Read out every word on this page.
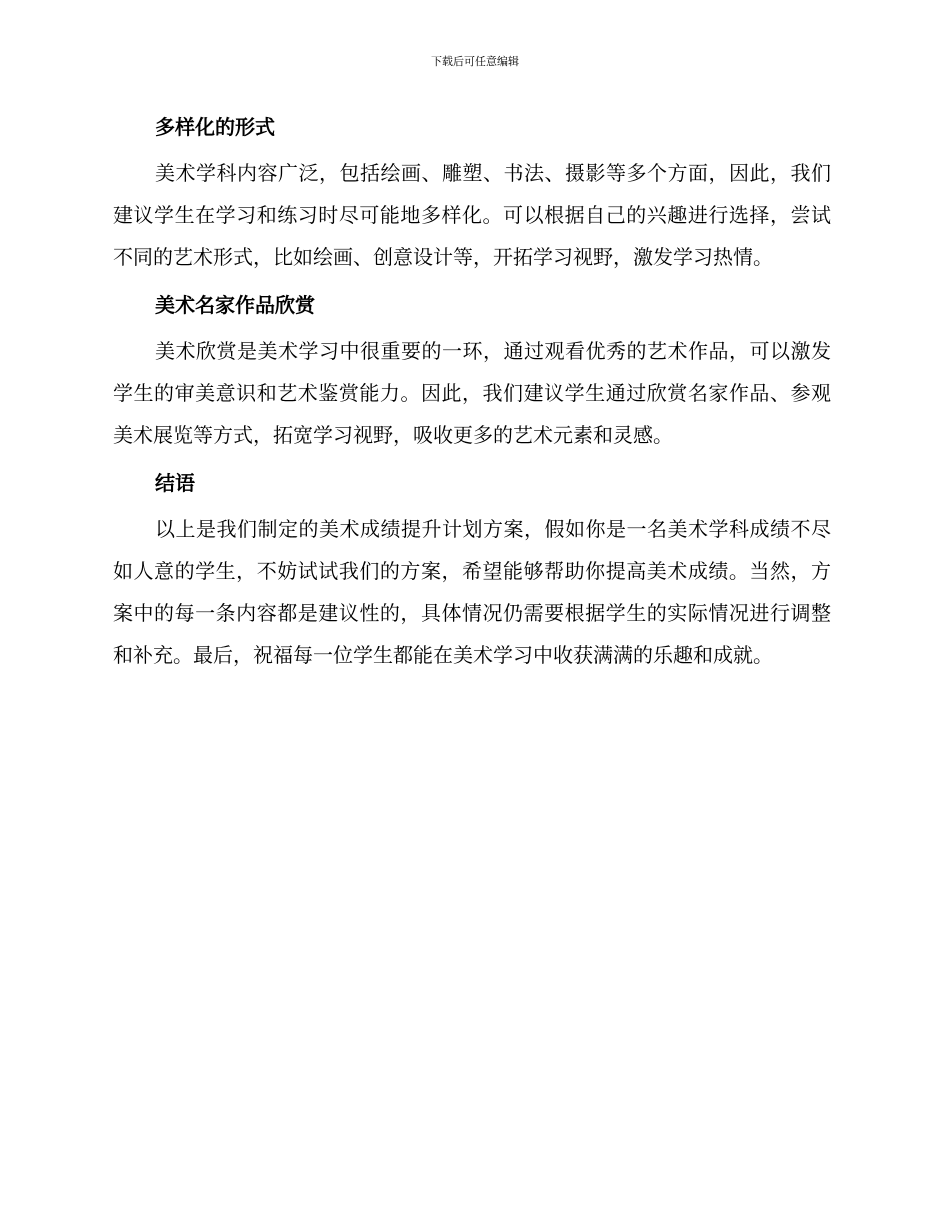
下载后可任意编辑
多样化的形式

美术学科内容广泛，包括绘画、雕塑、书法、摄影等多个方面，因此，我们建议学生在学习和练习时尽可能地多样化。可以根据自己的兴趣进行选择，尝试不同的艺术形式，比如绘画、创意设计等，开拓学习视野，激发学习热情。

美术名家作品欣赏

美术欣赏是美术学习中很重要的一环，通过观看优秀的艺术作品，可以激发学生的审美意识和艺术鉴赏能力。因此，我们建议学生通过欣赏名家作品、参观美术展览等方式，拓宽学习视野，吸收更多的艺术元素和灵感。

结语

以上是我们制定的美术成绩提升计划方案，假如你是一名美术学科成绩不尽如人意的学生，不妨试试我们的方案，希望能够帮助你提高美术成绩。当然，方案中的每一条内容都是建议性的，具体情况仍需要根据学生的实际情况进行调整和补充。最后，祝福每一位学生都能在美术学习中收获满满的乐趣和成就。
